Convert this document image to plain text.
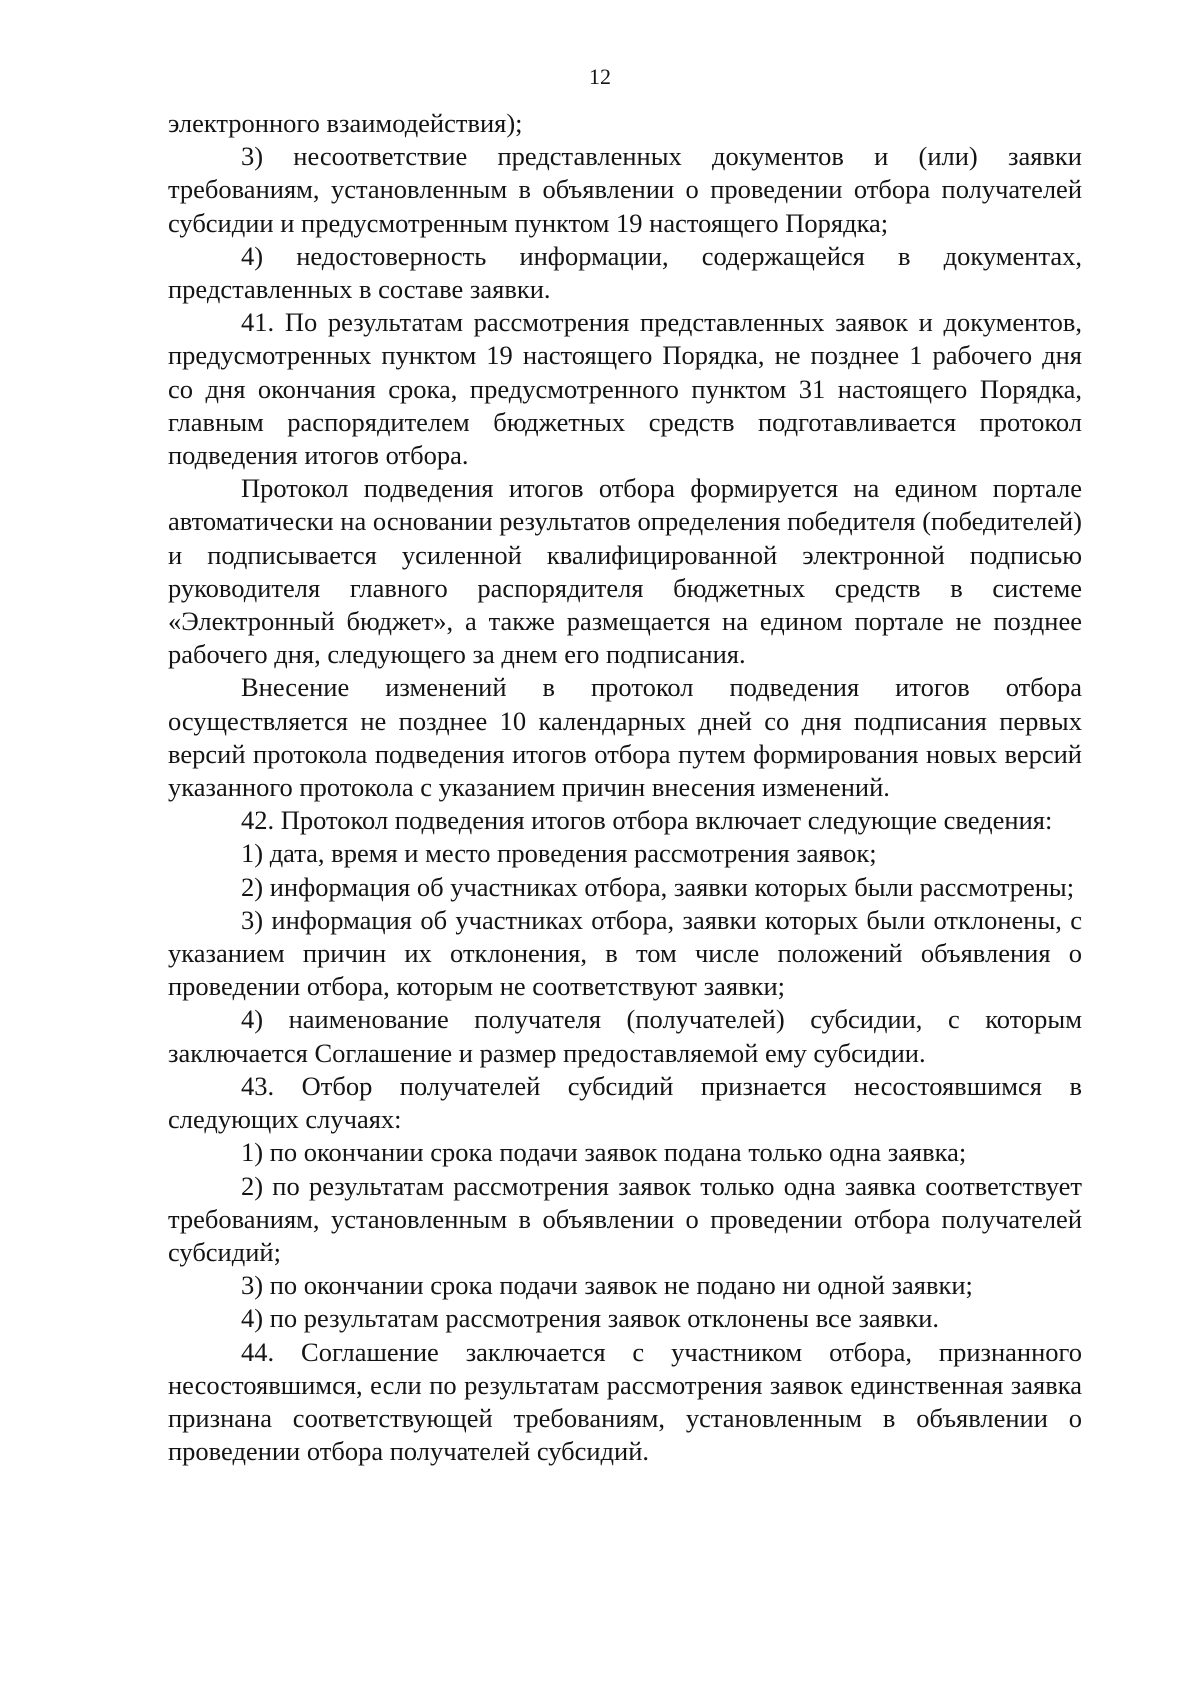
12

электронного взаимодействия);

3) несоответствие представленных документов и (или) заявки требованиям, установленным в объявлении о проведении отбора получателей субсидии и предусмотренным пунктом 19 настоящего Порядка;

4) недостоверность информации, содержащейся в документах, представленных в составе заявки.

41. По результатам рассмотрения представленных заявок и документов, предусмотренных пунктом 19 настоящего Порядка, не позднее 1 рабочего дня со дня окончания срока, предусмотренного пунктом 31 настоящего Порядка, главным распорядителем бюджетных средств подготавливается протокол подведения итогов отбора.

Протокол подведения итогов отбора формируется на едином портале автоматически на основании результатов определения победителя (победителей) и подписывается усиленной квалифицированной электронной подписью руководителя главного распорядителя бюджетных средств в системе «Электронный бюджет», а также размещается на едином портале не позднее рабочего дня, следующего за днем его подписания.

Внесение изменений в протокол подведения итогов отбора осуществляется не позднее 10 календарных дней со дня подписания первых версий протокола подведения итогов отбора путем формирования новых версий указанного протокола с указанием причин внесения изменений.

42. Протокол подведения итогов отбора включает следующие сведения:

1) дата, время и место проведения рассмотрения заявок;

2) информация об участниках отбора, заявки которых были рассмотрены;

3) информация об участниках отбора, заявки которых были отклонены, с указанием причин их отклонения, в том числе положений объявления о проведении отбора, которым не соответствуют заявки;

4) наименование получателя (получателей) субсидии, с которым заключается Соглашение и размер предоставляемой ему субсидии.

43. Отбор получателей субсидий признается несостоявшимся в следующих случаях:

1) по окончании срока подачи заявок подана только одна заявка;

2) по результатам рассмотрения заявок только одна заявка соответствует требованиям, установленным в объявлении о проведении отбора получателей субсидий;

3) по окончании срока подачи заявок не подано ни одной заявки;

4) по результатам рассмотрения заявок отклонены все заявки.

44. Соглашение заключается с участником отбора, признанного несостоявшимся, если по результатам рассмотрения заявок единственная заявка признана соответствующей требованиям, установленным в объявлении о проведении отбора получателей субсидий.
